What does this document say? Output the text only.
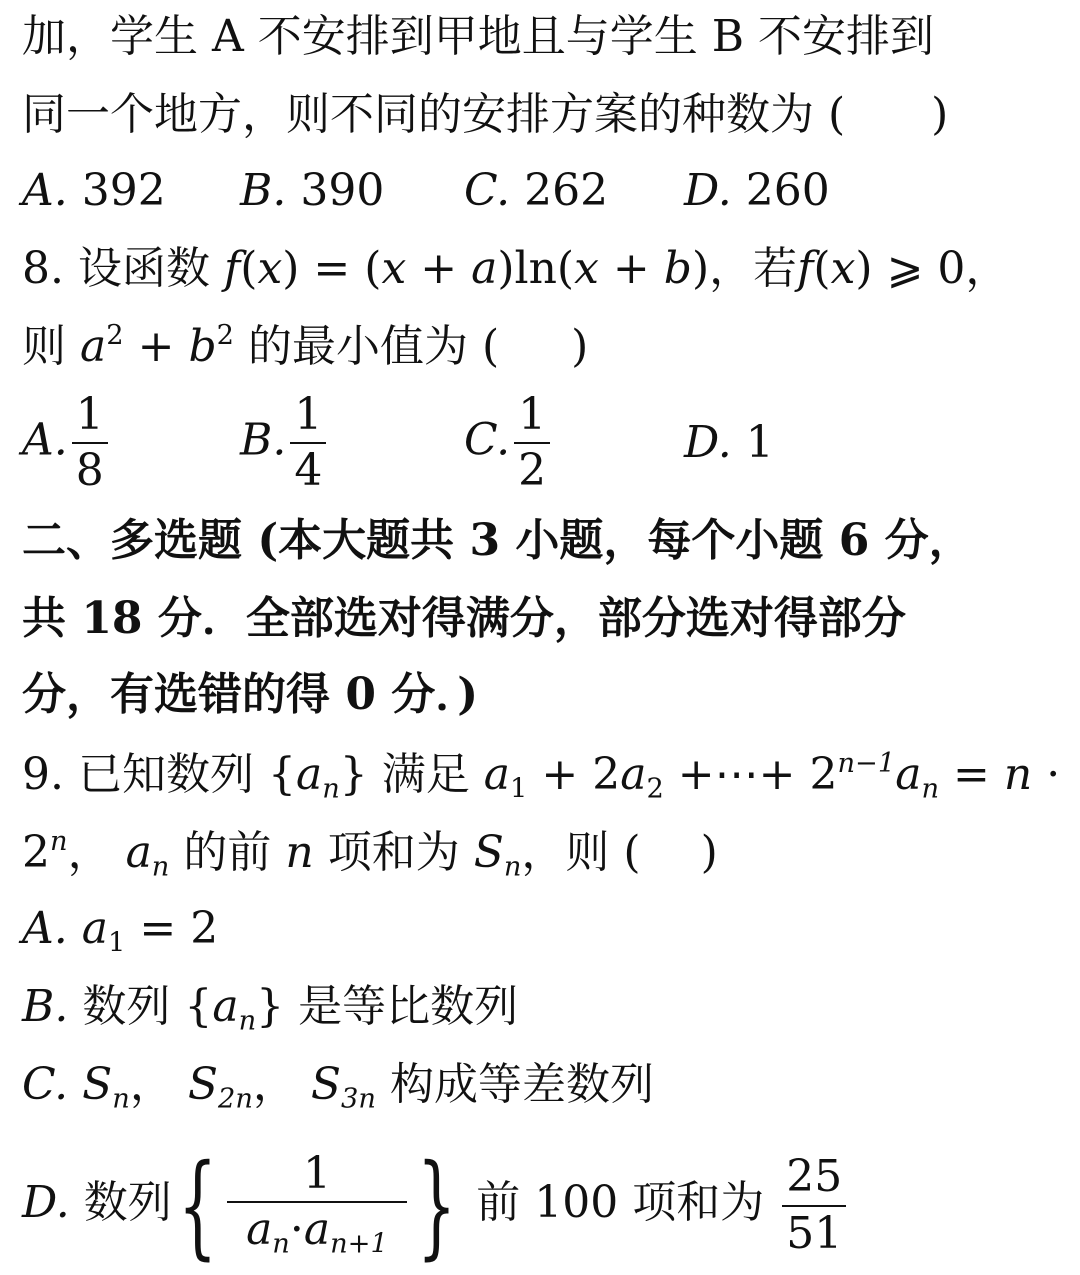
加，学生 A 不安排到甲地且与学生 B 不安排到
同一个地方，则不同的安排方案的种数为 ( )
A. 392 B. 390 C. 262 D. 260
8. 设函数 f(x) = (x + a)ln(x + b)，若f(x) ⩾ 0，
则 $a^2 + b^2$ 的最小值为 ( )
A. $\frac{1}{8}$	B. $\frac{1}{4}$	C. $\frac{1}{2}$	D. 1
二、多选题 (本大题共 3 小题，每个小题 6 分，
共 18 分．全部选对得满分，部分选对得部分
分，有选错的得 0 分．)
9. 已知数列 $\{a_n\}$ 满足 $a_1 + 2a_2$ +⋯+ $2^{n-1}a_n = n$ ·
$2^n$， $a_n$ 的前 n 项和为 $S_n$，则 ( )
A. $a_1 = 2$
B. 数列 $\{a_n\}$ 是等比数列
C. $S_n$， $S_{2n}$， $S_{3n}$ 构成等差数列
D. 数列{ $\frac{1}{a_n\cdot a_{n+1}}$ } 前 100 项和为 $\frac{25}{51}$
